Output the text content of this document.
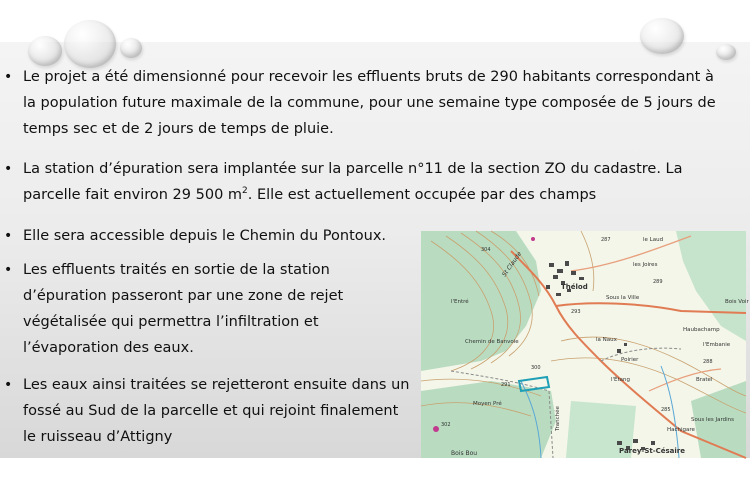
• Le projet a été dimensionné pour recevoir les effluents bruts de 290 habitants correspondant à
la population future maximale de la commune, pour une semaine type composée de 5 jours de
temps sec et de 2 jours de temps de pluie.
• La station d’épuration sera implantée sur la parcelle n°11 de la section ZO du cadastre. La
parcelle fait environ 29 500 $m^2$. Elle est actuellement occupée par des champs
• Elle sera accessible depuis le Chemin du Pontoux.
• Les effluents traités en sortie de la station
d’épuration passeront par une zone de rejet
végétalisée qui permettra l’infiltration et
l’évaporation des eaux.
• Les eaux ainsi traitées se rejetteront ensuite dans un
fossé au Sud de la parcelle et qui rejoint finalement
le ruisseau d’Attigny
Thélod
Sous la Ville
les Joires
le Laud
Bois Voir
l'Entré
St Claude
la Naux
Haubachamp
l'Embanie
Chemin de Banvoie
l'Étang
Poirier
Moyen Pré
Bratel
Sous les Jardins
Hachigare
Tranchée
Bois Bou	Parey-St-Césaire
287
304
289
293
288
300
291
285
302
